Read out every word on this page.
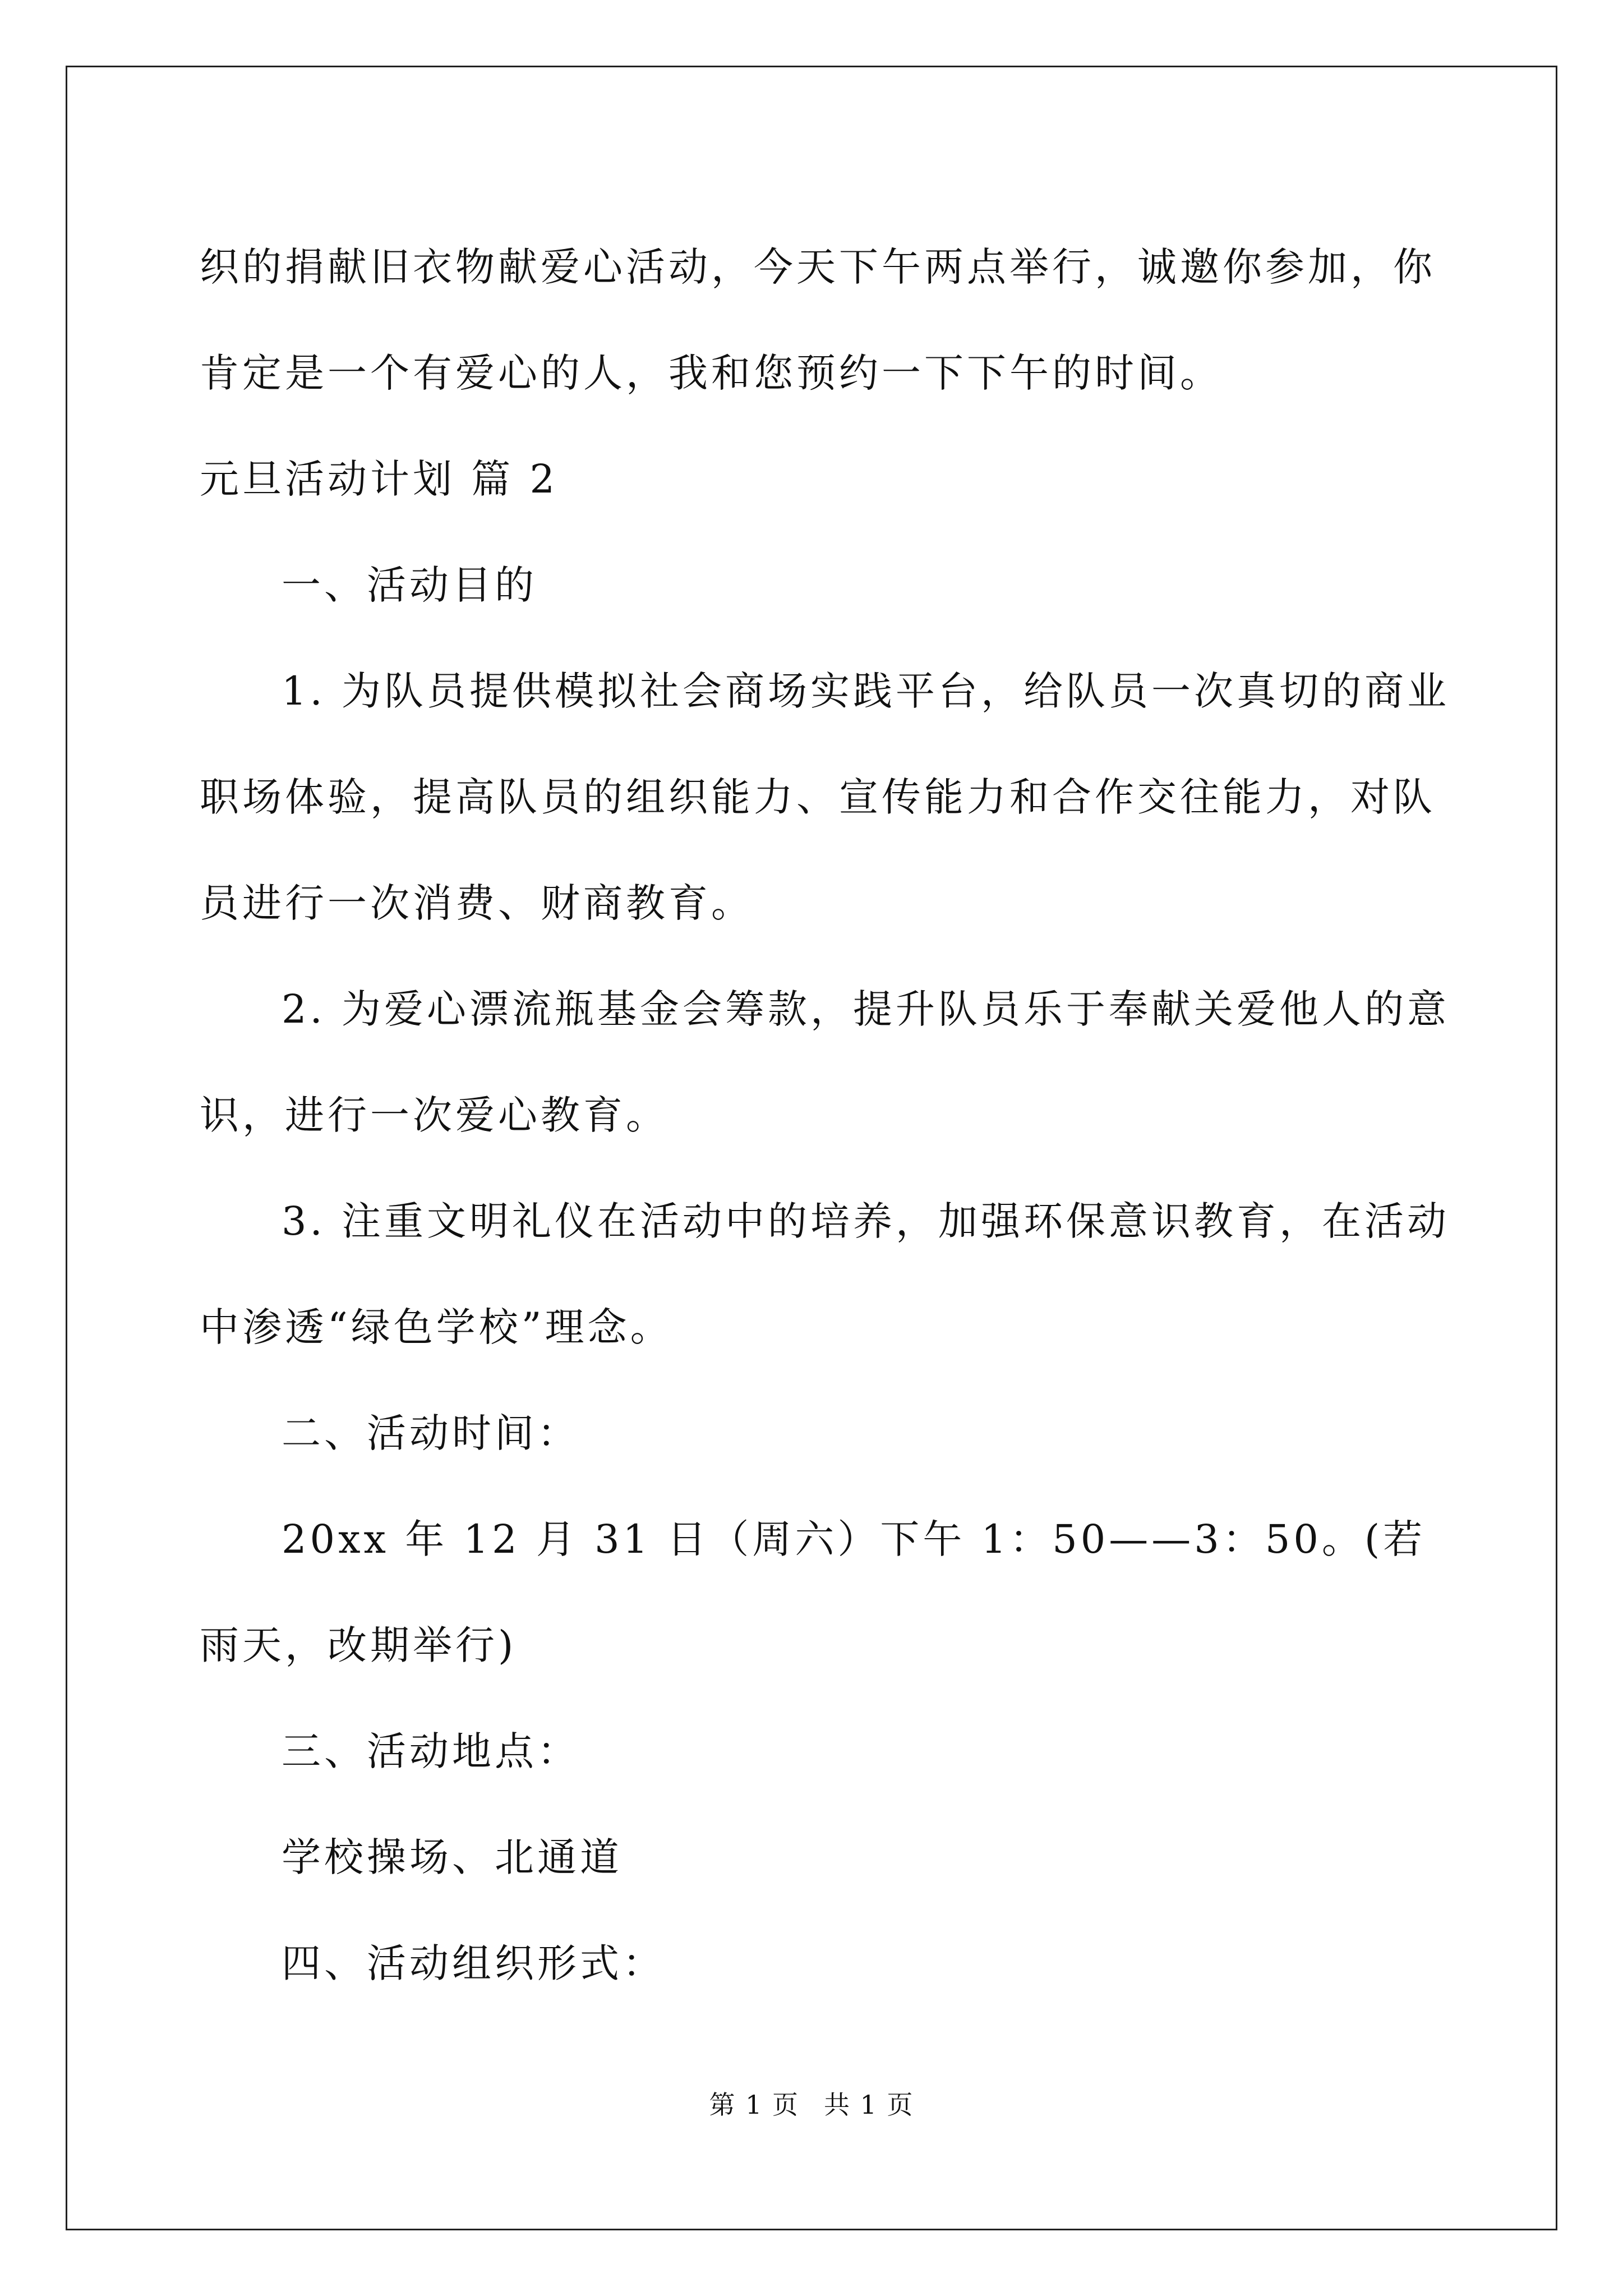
织的捐献旧衣物献爱心活动，今天下午两点举行，诚邀你参加，你肯定是一个有爱心的人，我和您预约一下下午的时间。

元旦活动计划 篇 2

一、活动目的

1. 为队员提供模拟社会商场实践平台，给队员一次真切的商业职场体验，提高队员的组织能力、宣传能力和合作交往能力，对队员进行一次消费、财商教育。

2. 为爱心漂流瓶基金会筹款，提升队员乐于奉献关爱他人的意识，进行一次爱心教育。

3. 注重文明礼仪在活动中的培养，加强环保意识教育，在活动中渗透“绿色学校”理念。

二、活动时间：

20xx 年 12 月 31 日（周六）下午 1：50——3：50。(若雨天，改期举行)

三、活动地点：

学校操场、北通道

四、活动组织形式：

第 1 页 共 1 页
